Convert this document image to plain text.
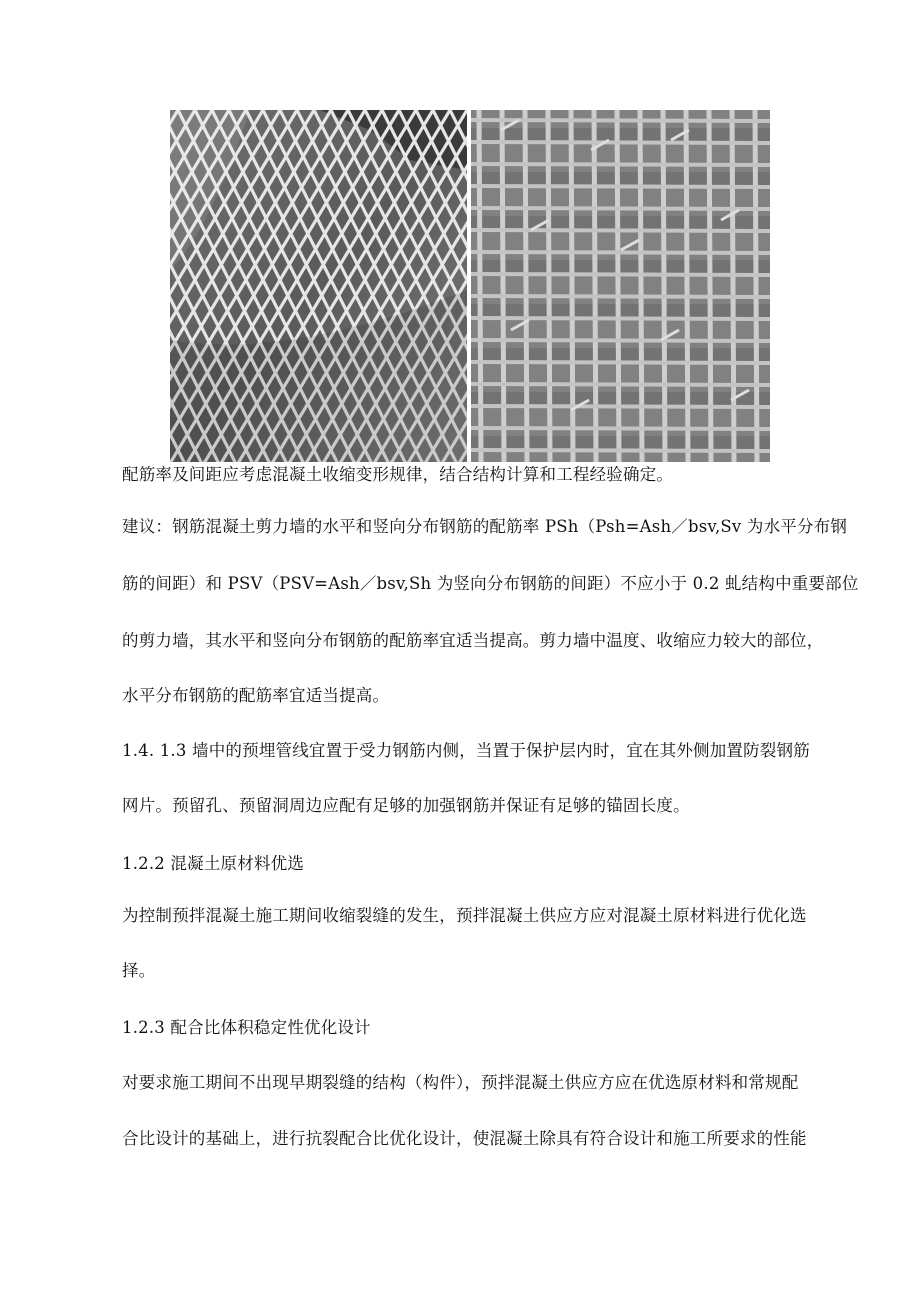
配筋率及间距应考虑混凝土收缩变形规律，结合结构计算和工程经验确定。
建议：钢筋混凝土剪力墙的水平和竖向分布钢筋的配筋率 PSh（Psh=Ash／bsv,Sv 为水平分布钢
筋的间距）和 PSV（PSV=Ash／bsv,Sh 为竖向分布钢筋的间距）不应小于 0.2 虬结构中重要部位
的剪力墙，其水平和竖向分布钢筋的配筋率宜适当提高。剪力墙中温度、收缩应力较大的部位，
水平分布钢筋的配筋率宜适当提高。
1.4. 1.3 墙中的预埋管线宜置于受力钢筋内侧，当置于保护层内时，宜在其外侧加置防裂钢筋
网片。预留孔、预留洞周边应配有足够的加强钢筋并保证有足够的锚固长度。
1.2.2 混凝土原材料优选
为控制预拌混凝土施工期间收缩裂缝的发生，预拌混凝土供应方应对混凝土原材料进行优化选
择。
1.2.3 配合比体积稳定性优化设计
对要求施工期间不出现早期裂缝的结构（构件），预拌混凝土供应方应在优选原材料和常规配
合比设计的基础上，进行抗裂配合比优化设计，使混凝土除具有符合设计和施工所要求的性能
